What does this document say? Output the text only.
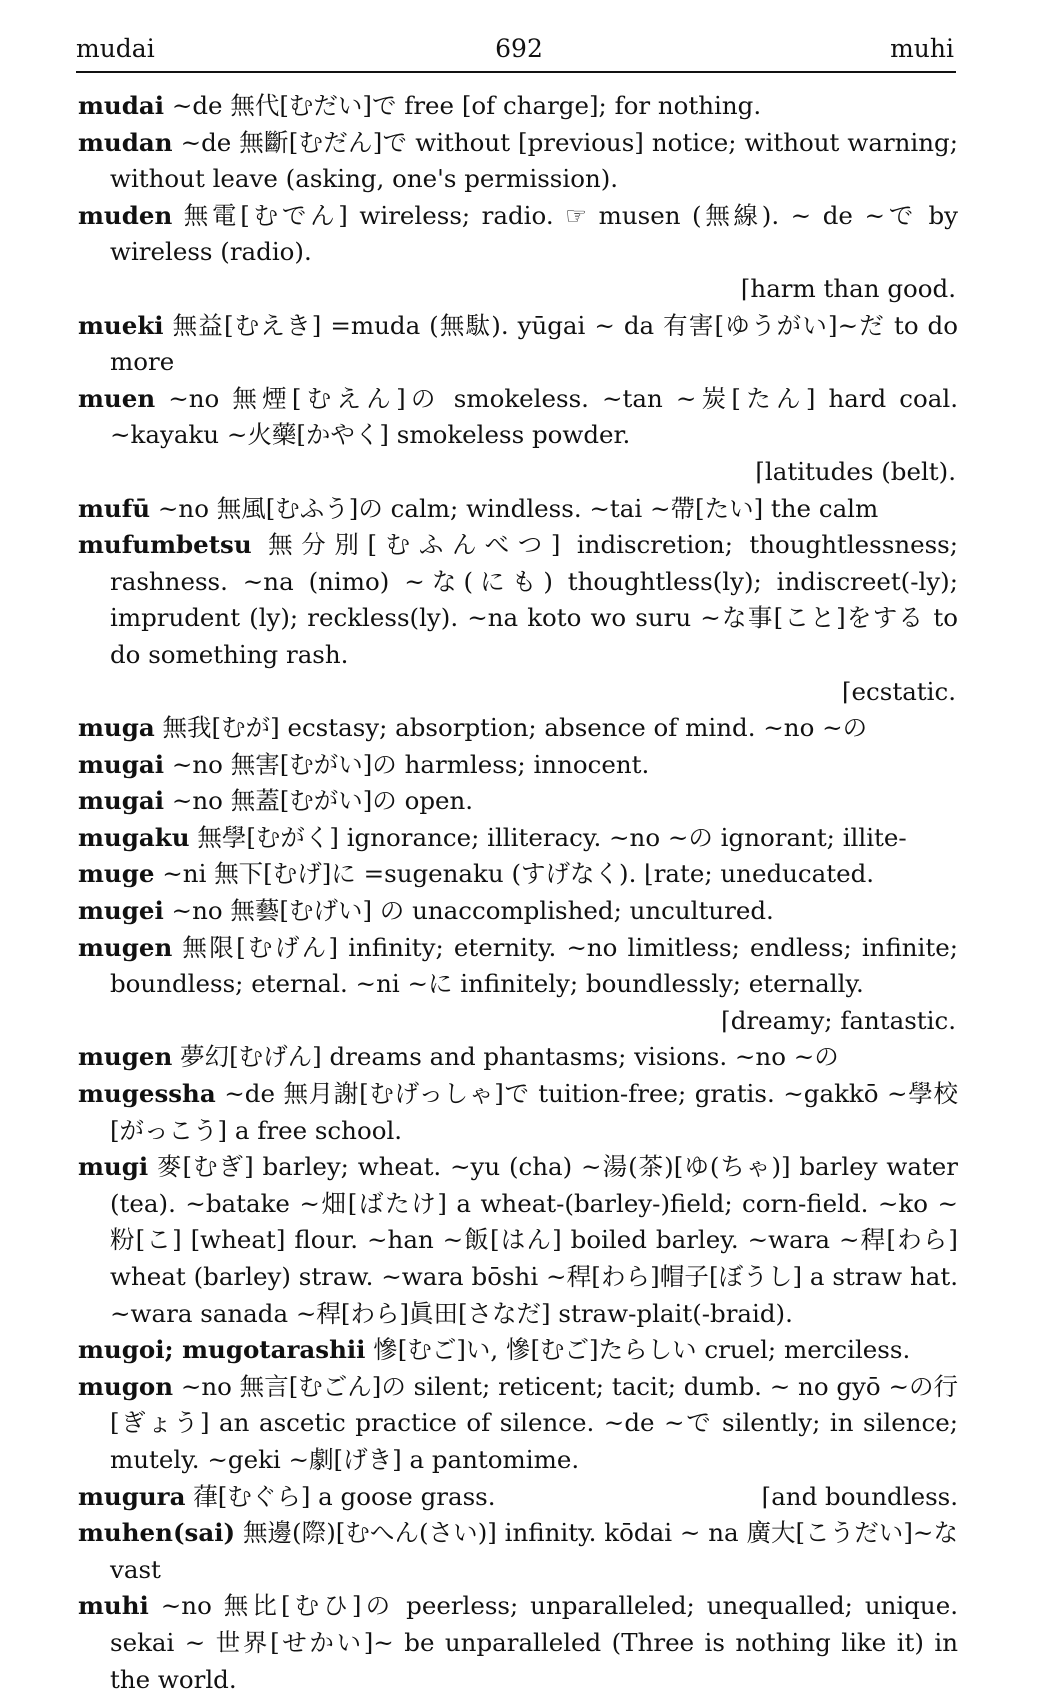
mudai	692	muhi
mudai ~de 無代[むだい]で free [of charge]; for nothing.
mudan ~de 無斷[むだん]で without [previous] notice; without warning; without leave (asking, one's permission).
muden 無電[むでん] wireless; radio. ☞ musen (無線). ~ de ~で by wireless (radio).
⌈harm than good.
mueki 無益[むえき] =muda (無駄). yūgai ~ da 有害[ゆうがい]~だ to do more
muen ~no 無煙[むえん]の smokeless. ~tan ~炭[たん] hard coal. ~kayaku ~火藥[かやく] smokeless powder.
⌈latitudes (belt).
mufū ~no 無風[むふう]の calm; windless. ~tai ~帶[たい] the calm
mufumbetsu 無分別[むふんべつ] indiscretion; thoughtlessness; rashness. ~na (nimo) ~な(にも) thoughtless(ly); indiscreet(-ly); imprudent (ly); reckless(ly). ~na koto wo suru ~な事[こと]をする to do something rash.
⌈ecstatic.
muga 無我[むが] ecstasy; absorption; absence of mind. ~no ~の
mugai ~no 無害[むがい]の harmless; innocent.
mugai ~no 無蓋[むがい]の open.
mugaku 無學[むがく] ignorance; illiteracy. ~no ~の ignorant; illite-
muge ~ni 無下[むげ]に =sugenaku (すげなく). ⌊rate; uneducated.
mugei ~no 無藝[むげい] の unaccomplished; uncultured.
mugen 無限[むげん] infinity; eternity. ~no limitless; endless; infinite; boundless; eternal. ~ni ~に infinitely; boundlessly; eternally.
⌈dreamy; fantastic.
mugen 夢幻[むげん] dreams and phantasms; visions. ~no ~の
mugessha ~de 無月謝[むげっしゃ]で tuition-free; gratis. ~gakkō ~學校[がっこう] a free school.
mugi 麥[むぎ] barley; wheat. ~yu (cha) ~湯(茶)[ゆ(ちゃ)] barley water (tea). ~batake ~畑[ばたけ] a wheat-(barley-)field; corn-field. ~ko ~粉[こ] [wheat] flour. ~han ~飯[はん] boiled barley. ~wara ~稈[わら] wheat (barley) straw. ~wara bōshi ~稈[わら]帽子[ぼうし] a straw hat. ~wara sanada ~稈[わら]眞田[さなだ] straw-plait(-braid).
mugoi; mugotarashii 慘[むご]い, 慘[むご]たらしい cruel; merciless.
mugon ~no 無言[むごん]の silent; reticent; tacit; dumb. ~ no gyō ~の行[ぎょう] an ascetic practice of silence. ~de ~で silently; in silence; mutely. ~geki ~劇[げき] a pantomime.
mugura 葎[むぐら] a goose grass.	⌈and boundless.
muhen(sai) 無邊(際)[むへん(さい)] infinity. kōdai ~ na 廣大[こうだい]~な vast
muhi ~no 無比[むひ]の peerless; unparalleled; unequalled; unique. sekai ~ 世界[せかい]~ be unparalleled (Three is nothing like it) in the world.
